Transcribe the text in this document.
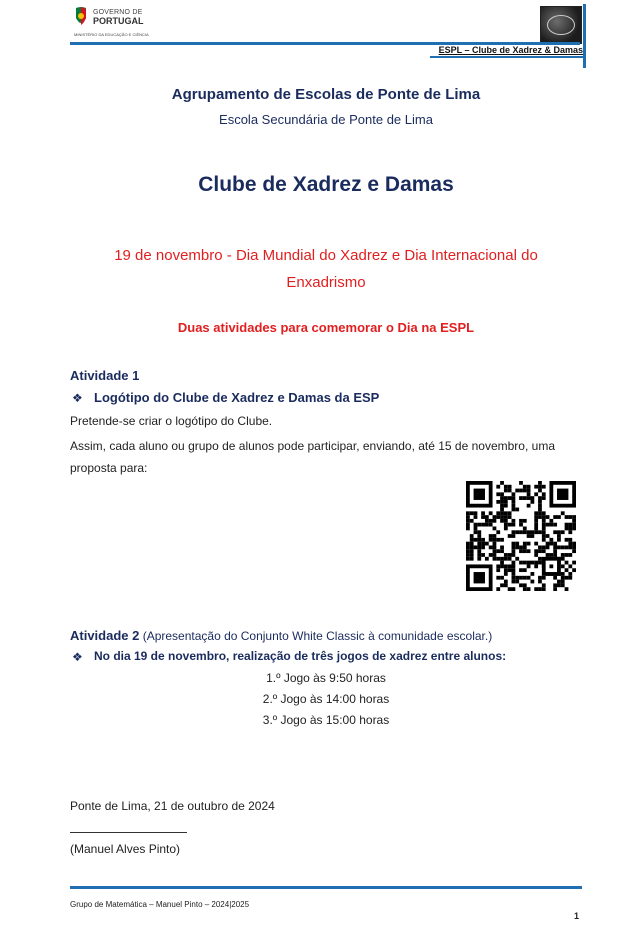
GOVERNO DE
PORTUGAL
MINISTÉRIO DA EDUCAÇÃO E CIÊNCIA
ESPL – Clube de Xadrez & Damas
Agrupamento de Escolas de Ponte de Lima
Escola Secundária de Ponte de Lima
Clube de Xadrez e Damas
19 de novembro - Dia Mundial do Xadrez e Dia Internacional do Enxadrismo
Duas atividades para comemorar o Dia na ESPL
Atividade 1
❖ Logótipo do Clube de Xadrez e Damas da ESP
Pretende-se criar o logótipo do Clube.
Assim, cada aluno ou grupo de alunos pode participar, enviando, até 15 de novembro, uma proposta para:
Atividade 2 (Apresentação do Conjunto White Classic à comunidade escolar.)
❖ No dia 19 de novembro, realização de três jogos de xadrez entre alunos:
1.º Jogo às 9:50 horas
2.º Jogo às 14:00 horas
3.º Jogo às 15:00 horas
Ponte de Lima, 21 de outubro de 2024
(Manuel Alves Pinto)
Grupo de Matemática – Manuel Pinto – 2024|2025
1
